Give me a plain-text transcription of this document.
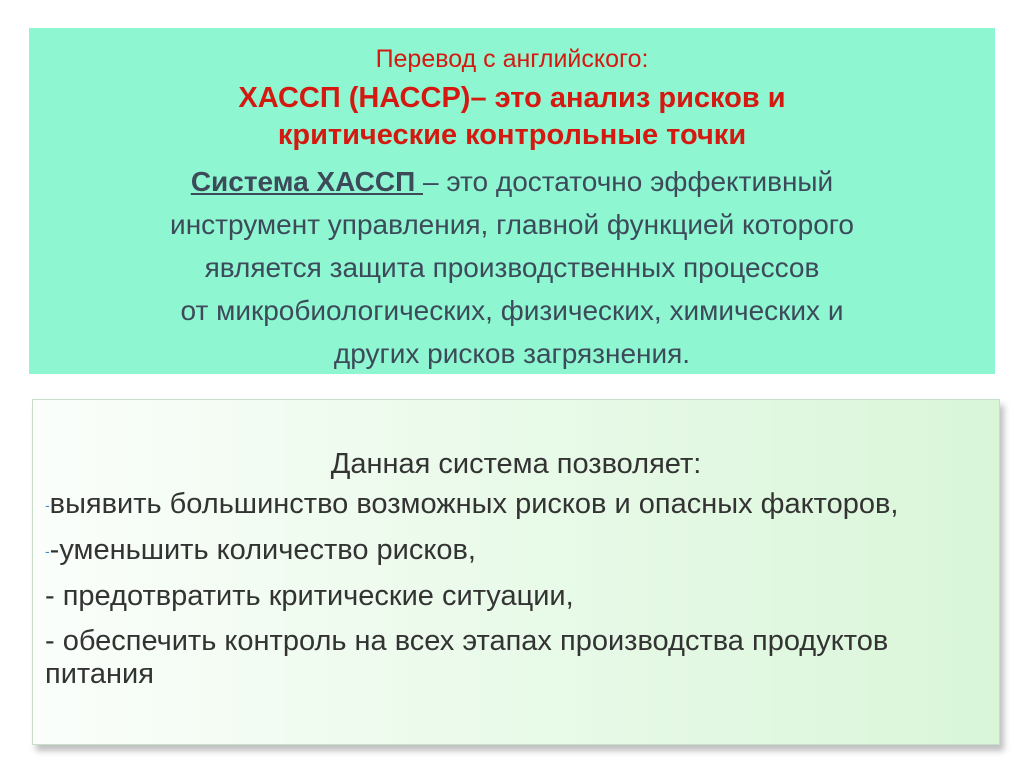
Перевод с английского:
ХАССП (НАССР)– это анализ рисков и
критические контрольные точки
Система ХАССП – это достаточно эффективный
инструмент управления, главной функцией которого
является защита производственных процессов
от микробиологических, физических, химических и
других рисков загрязнения.
Данная система позволяет:
-выявить большинство возможных рисков и опасных факторов,
--уменьшить количество рисков,
- предотвратить критические ситуации,
- обеспечить контроль на всех этапах производства продуктов питания
